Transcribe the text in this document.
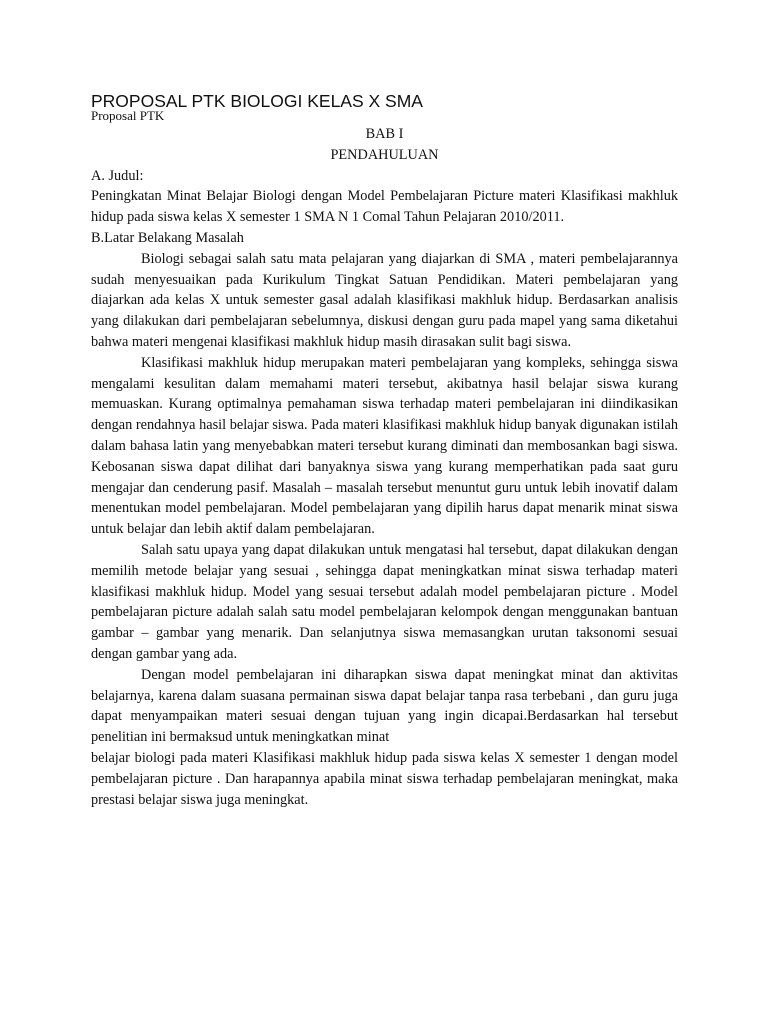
PROPOSAL PTK BIOLOGI KELAS X SMA
Proposal PTK

BAB I

PENDAHULUAN

A. Judul:

Peningkatan Minat Belajar Biologi dengan Model Pembelajaran Picture materi Klasifikasi makhluk hidup pada siswa kelas X semester 1 SMA N 1 Comal Tahun Pelajaran 2010/2011.

B.Latar Belakang Masalah

Biologi sebagai salah satu mata pelajaran yang diajarkan di SMA , materi pembelajarannya sudah menyesuaikan pada Kurikulum Tingkat Satuan Pendidikan. Materi pembelajaran yang diajarkan ada kelas X untuk semester gasal adalah klasifikasi makhluk hidup. Berdasarkan analisis yang dilakukan dari pembelajaran sebelumnya, diskusi dengan guru pada mapel yang sama diketahui bahwa materi mengenai klasifikasi makhluk hidup masih dirasakan sulit bagi siswa.

Klasifikasi makhluk hidup merupakan materi pembelajaran yang kompleks, sehingga siswa mengalami kesulitan dalam memahami materi tersebut, akibatnya hasil belajar siswa kurang memuaskan. Kurang optimalnya pemahaman siswa terhadap materi pembelajaran ini diindikasikan dengan rendahnya hasil belajar siswa. Pada materi klasifikasi makhluk hidup banyak digunakan istilah dalam bahasa latin yang menyebabkan materi tersebut kurang diminati dan membosankan bagi siswa. Kebosanan siswa dapat dilihat dari banyaknya siswa yang kurang memperhatikan pada saat guru mengajar dan cenderung pasif. Masalah – masalah tersebut menuntut guru untuk lebih inovatif dalam menentukan model pembelajaran. Model pembelajaran yang dipilih harus dapat menarik minat siswa untuk belajar dan lebih aktif dalam pembelajaran.

Salah satu upaya yang dapat dilakukan untuk mengatasi hal tersebut, dapat dilakukan dengan memilih metode belajar yang sesuai , sehingga dapat meningkatkan minat siswa terhadap materi klasifikasi makhluk hidup. Model yang sesuai tersebut adalah model pembelajaran picture . Model pembelajaran picture adalah salah satu model pembelajaran kelompok dengan menggunakan bantuan gambar – gambar yang menarik. Dan selanjutnya siswa memasangkan urutan taksonomi sesuai dengan gambar yang ada.

Dengan model pembelajaran ini diharapkan siswa dapat meningkat minat dan aktivitas belajarnya, karena dalam suasana permainan siswa dapat belajar tanpa rasa terbebani , dan guru juga dapat menyampaikan materi sesuai dengan tujuan yang ingin dicapai.Berdasarkan hal tersebut penelitian ini bermaksud untuk meningkatkan minat

belajar biologi pada materi Klasifikasi makhluk hidup pada siswa kelas X semester 1 dengan model pembelajaran picture . Dan harapannya apabila minat siswa terhadap pembelajaran meningkat, maka prestasi belajar siswa juga meningkat.
